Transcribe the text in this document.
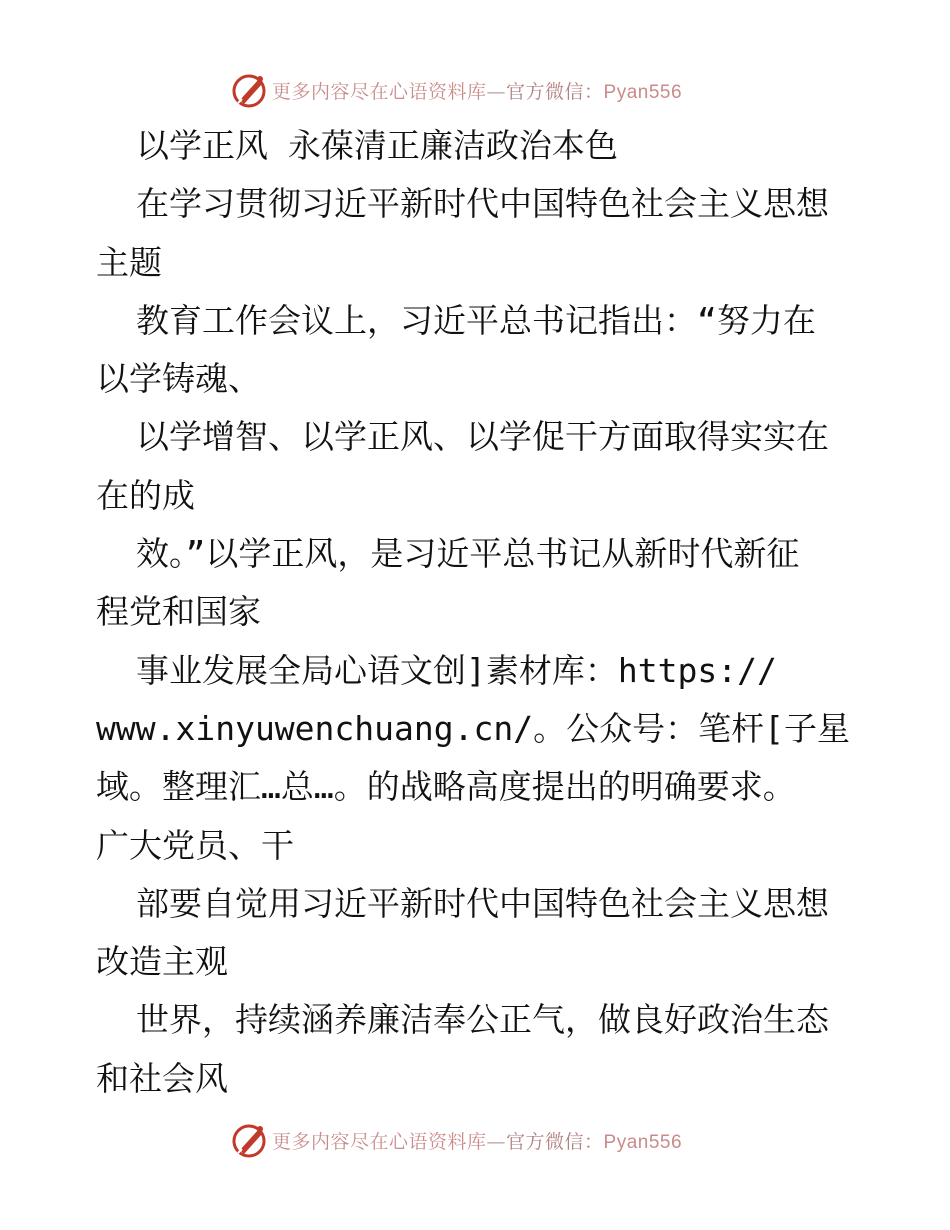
更多内容尽在心语资料库—官方微信：Pyan556
以学正风 永葆清正廉洁政治本色
在学习贯彻习近平新时代中国特色社会主义思想
主题
教育工作会议上，习近平总书记指出：“努力在
以学铸魂、
以学增智、以学正风、以学促干方面取得实实在
在的成
效。”以学正风，是习近平总书记从新时代新征
程党和国家
事业发展全局心语文创]素材库：https://
www.xinyuwenchuang.cn/。公众号：笔杆[子星
域。整理汇…总…。的战略高度提出的明确要求。
广大党员、干
部要自觉用习近平新时代中国特色社会主义思想
改造主观
世界，持续涵养廉洁奉公正气，做良好政治生态
和社会风
更多内容尽在心语资料库—官方微信：Pyan556
